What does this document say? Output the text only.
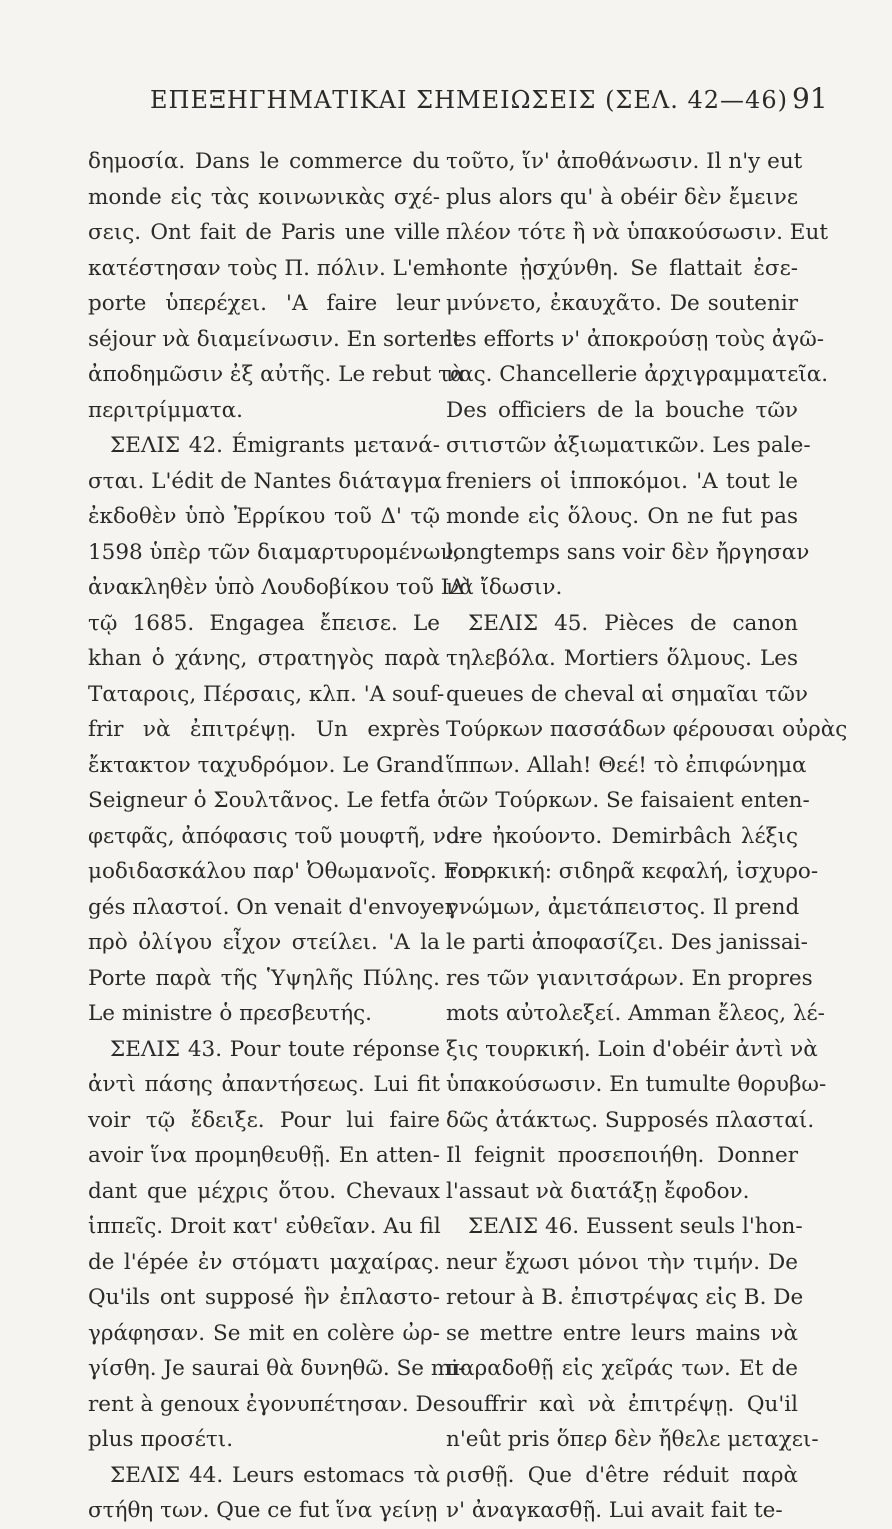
ΕΠΕΞΗΓΗΜΑΤΙΚΑΙ ΣΗΜΕΙΩΣΕΙΣ (ΣΕΛ. 42—46) 91
δημοσία. Dans le commerce du
monde εἰς τὰς κοινωνικὰς σχέ-
σεις. Ont fait de Paris une ville
κατέστησαν τοὺς Π. πόλιν. L'em-
porte ὑπερέχει. 'A faire leur
séjour νὰ διαμείνωσιν. En sortent
ἀποδημῶσιν ἐξ αὐτῆς. Le rebut τὰ
περιτρίμματα.
ΣΕΛΙΣ 42. Émigrants μετανά-
σται. L'édit de Nantes διάταγμα
ἐκδοθὲν ὑπὸ Ἐρρίκου τοῦ Δ' τῷ
1598 ὑπὲρ τῶν διαμαρτυρομένων,
ἀνακληθὲν ὑπὸ Λουδοβίκου τοῦ ΙΔ'
τῷ 1685. Engagea ἔπεισε. Le
khan ὁ χάνης, στρατηγὸς παρὰ
Ταταροις, Πέρσαις, κλπ. 'A souf-
frir νὰ ἐπιτρέψῃ. Un exprès
ἔκτακτον ταχυδρόμον. Le Grand
Seigneur ὁ Σουλτᾶνος. Le fetfa ὁ
φετφᾶς, ἀπόφασις τοῦ μουφτῆ, νο-
μοδιδασκάλου παρ' Ὀθωμανοῖς. For-
gés πλαστοί. On venait d'envoyer
πρὸ ὀλίγου εἶχον στείλει. 'A la
Porte παρὰ τῆς Ὑψηλῆς Πύλης.
Le ministre ὁ πρεσβευτής.
ΣΕΛΙΣ 43. Pour toute réponse
ἀντὶ πάσης ἀπαντήσεως. Lui fit
voir τῷ ἔδειξε. Pour lui faire
avoir ἵνα προμηθευθῇ. En atten-
dant que μέχρις ὅτου. Chevaux
ἱππεῖς. Droit κατ' εὐθεῖαν. Au fil
de l'épée ἐν στόματι μαχαίρας.
Qu'ils ont supposé ἣν ἐπλαστο-
γράφησαν. Se mit en colère ὠρ-
γίσθη. Je saurai θὰ δυνηθῶ. Se mi-
rent à genoux ἐγονυπέτησαν. De
plus προσέτι.
ΣΕΛΙΣ 44. Leurs estomacs τὰ
στήθη των. Que ce fut ἵνα γείνῃ
τοῦτο, ἵν' ἀποθάνωσιν. Il n'y eut
plus alors qu' à obéir δὲν ἔμεινε
πλέον τότε ἢ νὰ ὑπακούσωσιν. Eut
honte ᾐσχύνθη. Se flattait ἐσε-
μνύνετο, ἐκαυχᾶτο. De soutenir
les efforts ν' ἀποκρούσῃ τοὺς ἀγῶ-
νας. Chancellerie ἀρχιγραμματεῖα.
Des officiers de la bouche τῶν
σιτιστῶν ἀξιωματικῶν. Les pale-
freniers οἱ ἱπποκόμοι. 'A tout le
monde εἰς ὅλους. On ne fut pas
longtemps sans voir δὲν ἤργησαν
νὰ ἴδωσιν.
ΣΕΛΙΣ 45. Pièces de canon
τηλεβόλα. Mortiers ὅλμους. Les
queues de cheval αἱ σημαῖαι τῶν
Τούρκων πασσάδων φέρουσαι οὐρὰς
ἵππων. Allah! Θεέ! τὸ ἐπιφώνημα
τῶν Τούρκων. Se faisaient enten-
dre ἠκούοντο. Demirbâch λέξις
τουρκική: σιδηρᾶ κεφαλή, ἰσχυρο-
γνώμων, ἀμετάπειστος. Il prend
le parti ἀποφασίζει. Des janissai-
res τῶν γιανιτσάρων. En propres
mots αὐτολεξεί. Amman ἔλεος, λέ-
ξις τουρκική. Loin d'obéir ἀντὶ νὰ
ὑπακούσωσιν. En tumulte θορυβω-
δῶς ἀτάκτως. Supposés πλασταί.
Il feignit προσεποιήθη. Donner
l'assaut νὰ διατάξῃ ἔφοδον.
ΣΕΛΙΣ 46. Eussent seuls l'hon-
neur ἔχωσι μόνοι τὴν τιμήν. De
retour à B. ἐπιστρέψας εἰς B. De
se mettre entre leurs mains νὰ
παραδοθῇ εἰς χεῖράς των. Et de
souffrir καὶ νὰ ἐπιτρέψῃ. Qu'il
n'eût pris ὅπερ δὲν ἤθελε μεταχει-
ρισθῇ. Que d'être réduit παρὰ
ν' ἀναγκασθῇ. Lui avait fait te-
